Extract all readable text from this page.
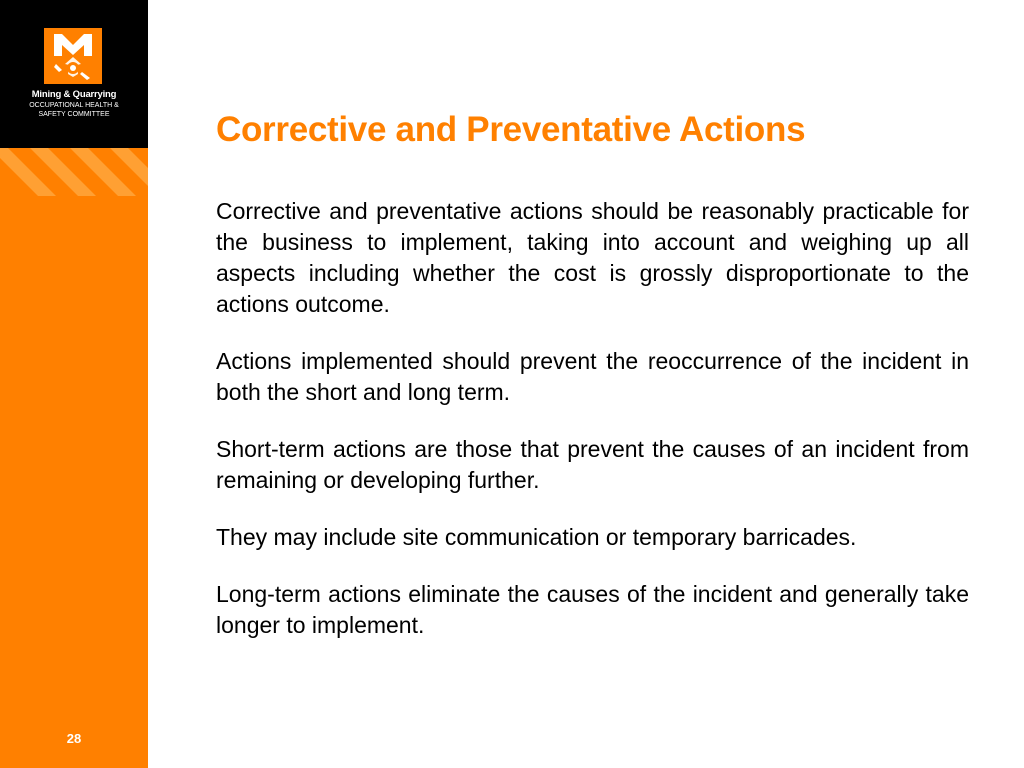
Mining & Quarrying
OCCUPATIONAL HEALTH &
SAFETY COMMITTEE
28
Corrective and Preventative Actions

Corrective and preventative actions should be reasonably practicable for the business to implement, taking into account and weighing up all aspects including whether the cost is grossly disproportionate to the actions outcome.

Actions implemented should prevent the reoccurrence of the incident in both the short and long term.

Short-term actions are those that prevent the causes of an incident from remaining or developing further.

They may include site communication or temporary barricades.

Long-term actions eliminate the causes of the incident and generally take longer to implement.
